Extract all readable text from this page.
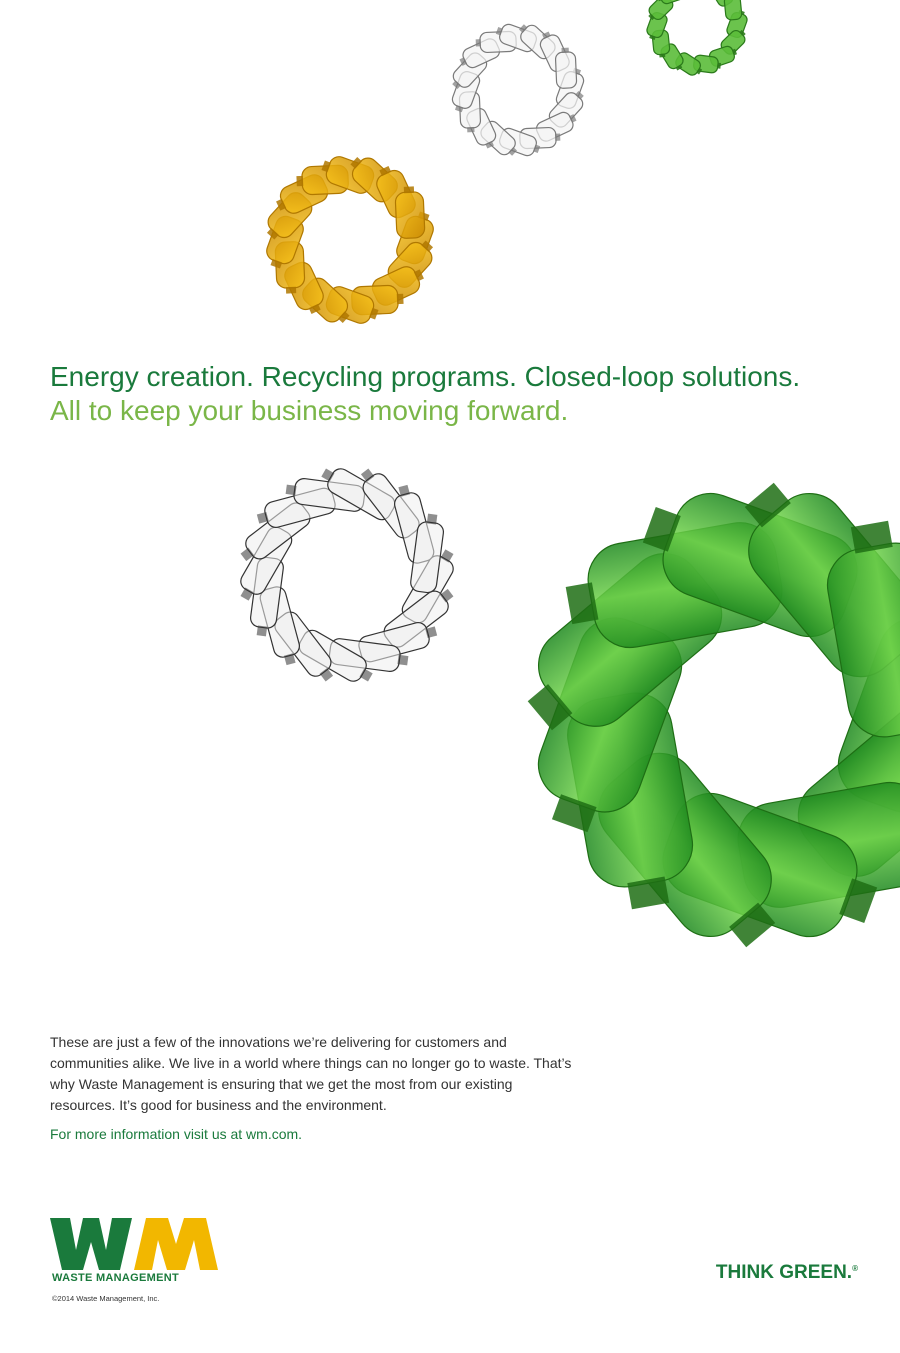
Energy creation. Recycling programs. Closed-loop solutions.
All to keep your business moving forward.
These are just a few of the innovations we’re delivering for customers and communities alike. We live in a world where things can no longer go to waste. That’s why Waste Management is ensuring that we get the most from our existing resources. It’s good for business and the environment.
For more information visit us at wm.com.
WASTE MANAGEMENT
©2014 Waste Management, Inc.
THINK GREEN.®
